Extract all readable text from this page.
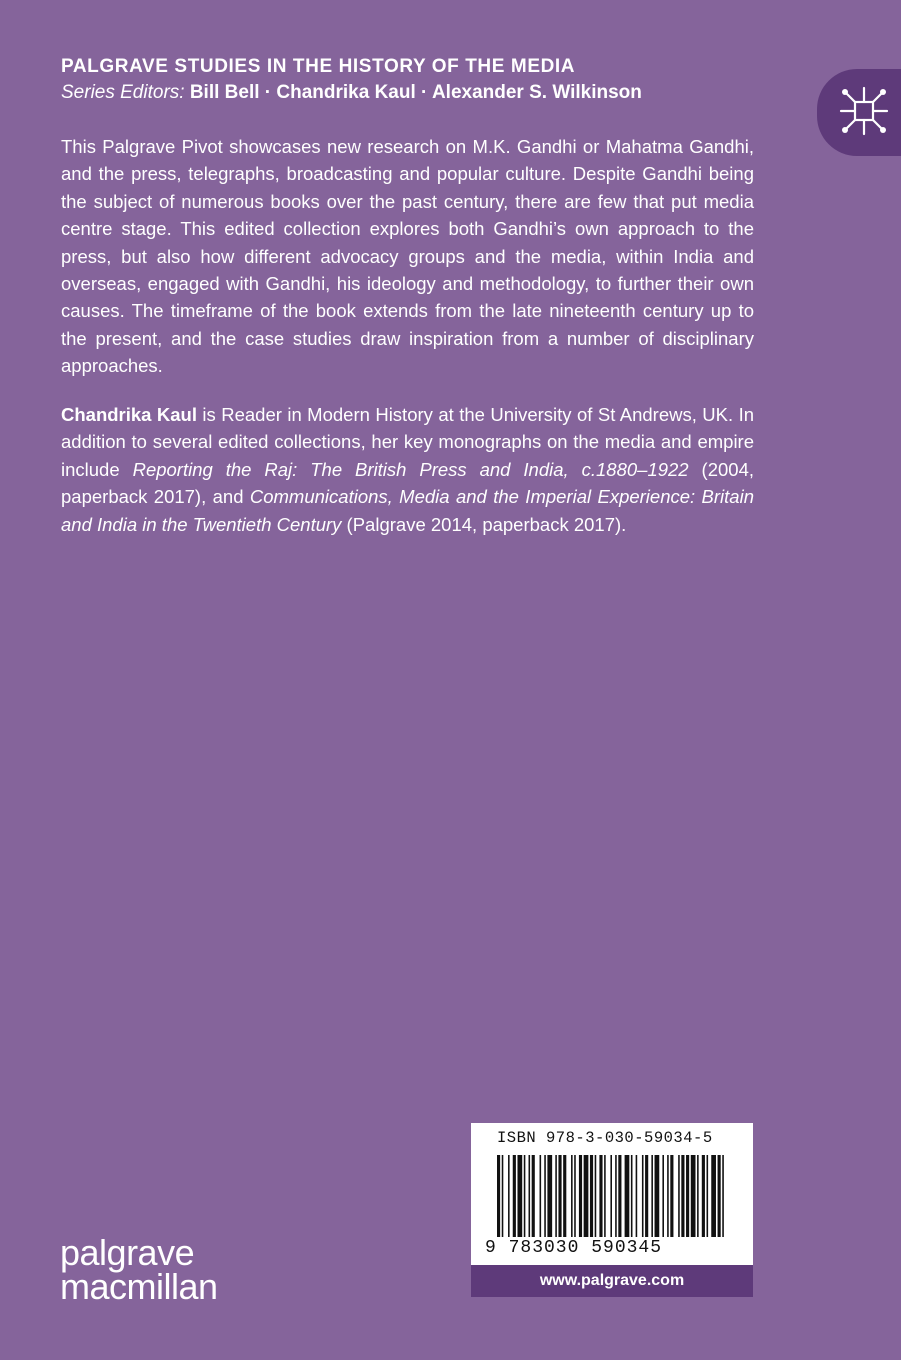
PALGRAVE STUDIES IN THE HISTORY OF THE MEDIA
Series Editors: Bill Bell · Chandrika Kaul · Alexander S. Wilkinson

This Palgrave Pivot showcases new research on M.K. Gandhi or Mahatma Gandhi, and the press, telegraphs, broadcasting and popular culture. Despite Gandhi being the subject of numerous books over the past century, there are few that put media centre stage. This edited collection explores both Gandhi’s own approach to the press, but also how different advocacy groups and the media, within India and overseas, engaged with Gandhi, his ideology and methodology, to further their own causes. The timeframe of the book extends from the late nineteenth century up to the present, and the case studies draw inspiration from a number of disciplinary approaches.

Chandrika Kaul is Reader in Modern History at the University of St Andrews, UK. In addition to several edited collections, her key monographs on the media and empire include Reporting the Raj: The British Press and India, c.1880–1922 (2004, paperback 2017), and Communications, Media and the Imperial Experience: Britain and India in the Twentieth Century (Palgrave 2014, paperback 2017).

palgrave
macmillan
ISBN 978-3-030-59034-5
9 783030 590345
www.palgrave.com
